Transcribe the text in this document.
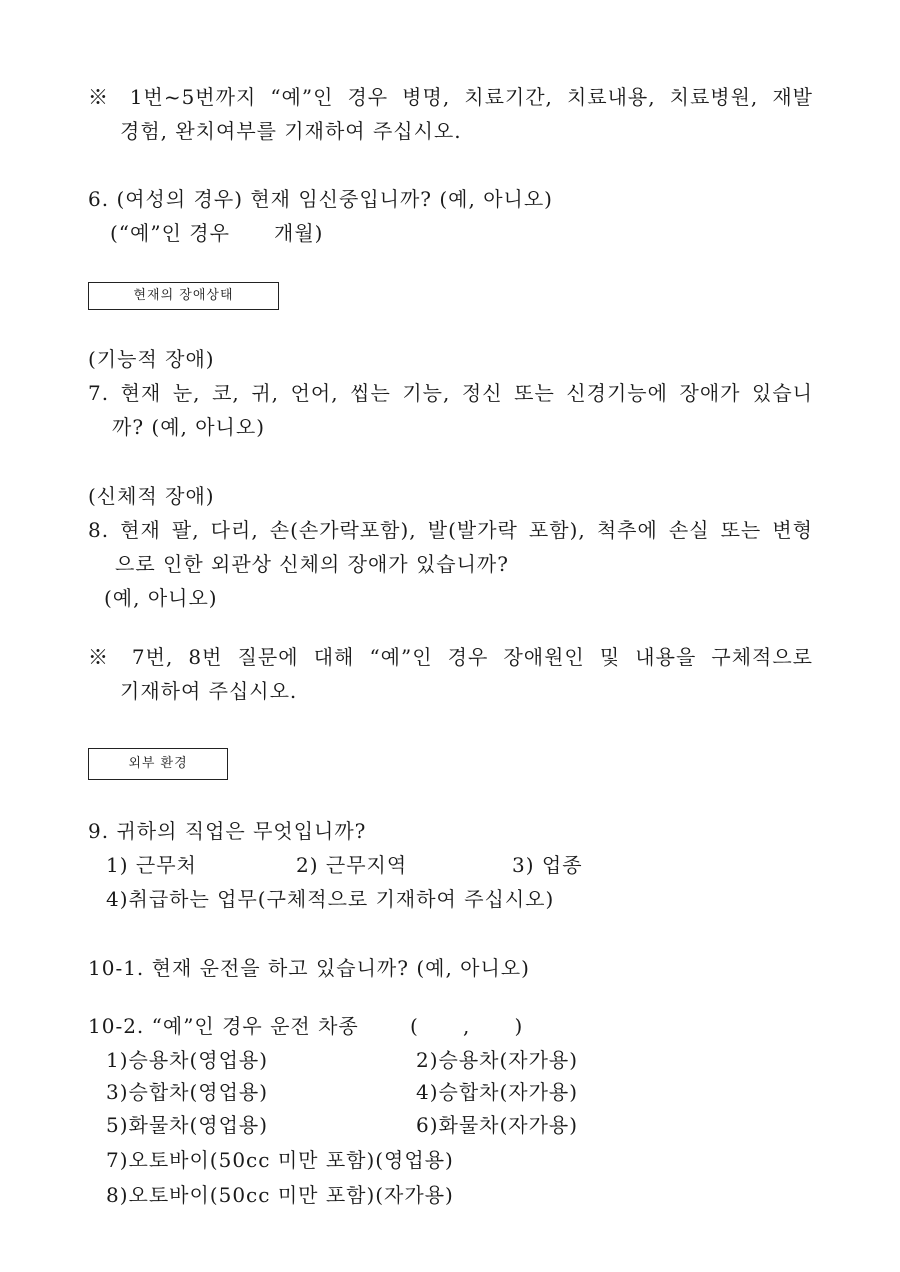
※ 1번~5번까지 “예”인 경우 병명, 치료기간, 치료내용, 치료병원, 재발
경험, 완치여부를 기재하여 주십시오.
6. (여성의 경우) 현재 임신중입니까? (예, 아니오)
(“예”인 경우      개월)
현재의 장애상태
(기능적 장애)
7. 현재 눈, 코, 귀, 언어, 씹는 기능, 정신 또는 신경기능에 장애가 있습니
까? (예, 아니오)
(신체적 장애)
8. 현재 팔, 다리, 손(손가락포함), 발(발가락 포함), 척추에 손실 또는 변형
으로 인한 외관상 신체의 장애가 있습니까?
(예, 아니오)
※ 7번, 8번 질문에 대해 “예”인 경우 장애원인 및 내용을 구체적으로
기재하여 주십시오.
외부 환경
9. 귀하의 직업은 무엇입니까?
1) 근무처	2) 근무지역	3) 업종
4)취급하는 업무(구체적으로 기재하여 주십시오)
10-1. 현재 운전을 하고 있습니까? (예, 아니오)
10-2. “예”인 경우 운전 차종	(      ,      )
1)승용차(영업용)	2)승용차(자가용)
3)승합차(영업용)	4)승합차(자가용)
5)화물차(영업용)	6)화물차(자가용)
7)오토바이(50cc 미만 포함)(영업용)
8)오토바이(50cc 미만 포함)(자가용)
